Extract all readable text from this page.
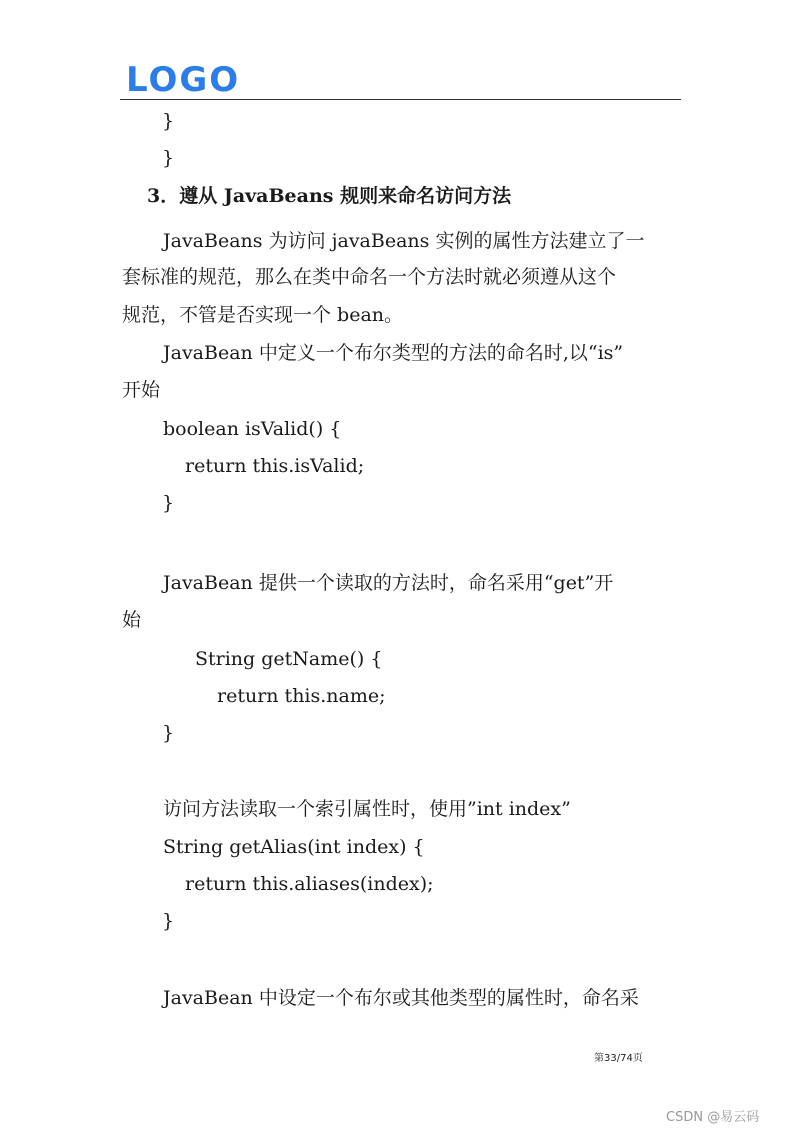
LOGO
}
}
3．遵从 JavaBeans 规则来命名访问方法
JavaBeans 为访问 javaBeans 实例的属性方法建立了一
套标准的规范，那么在类中命名一个方法时就必须遵从这个
规范，不管是否实现一个 bean。
JavaBean 中定义一个布尔类型的方法的命名时,以“is”
开始
boolean isValid() {
return this.isValid;
}
JavaBean 提供一个读取的方法时，命名采用“get”开
始
String getName() {
return this.name;
}
访问方法读取一个索引属性时，使用”int index”
String getAlias(int index) {
return this.aliases(index);
}
JavaBean 中设定一个布尔或其他类型的属性时，命名采
第33/74页
CSDN @易云码
